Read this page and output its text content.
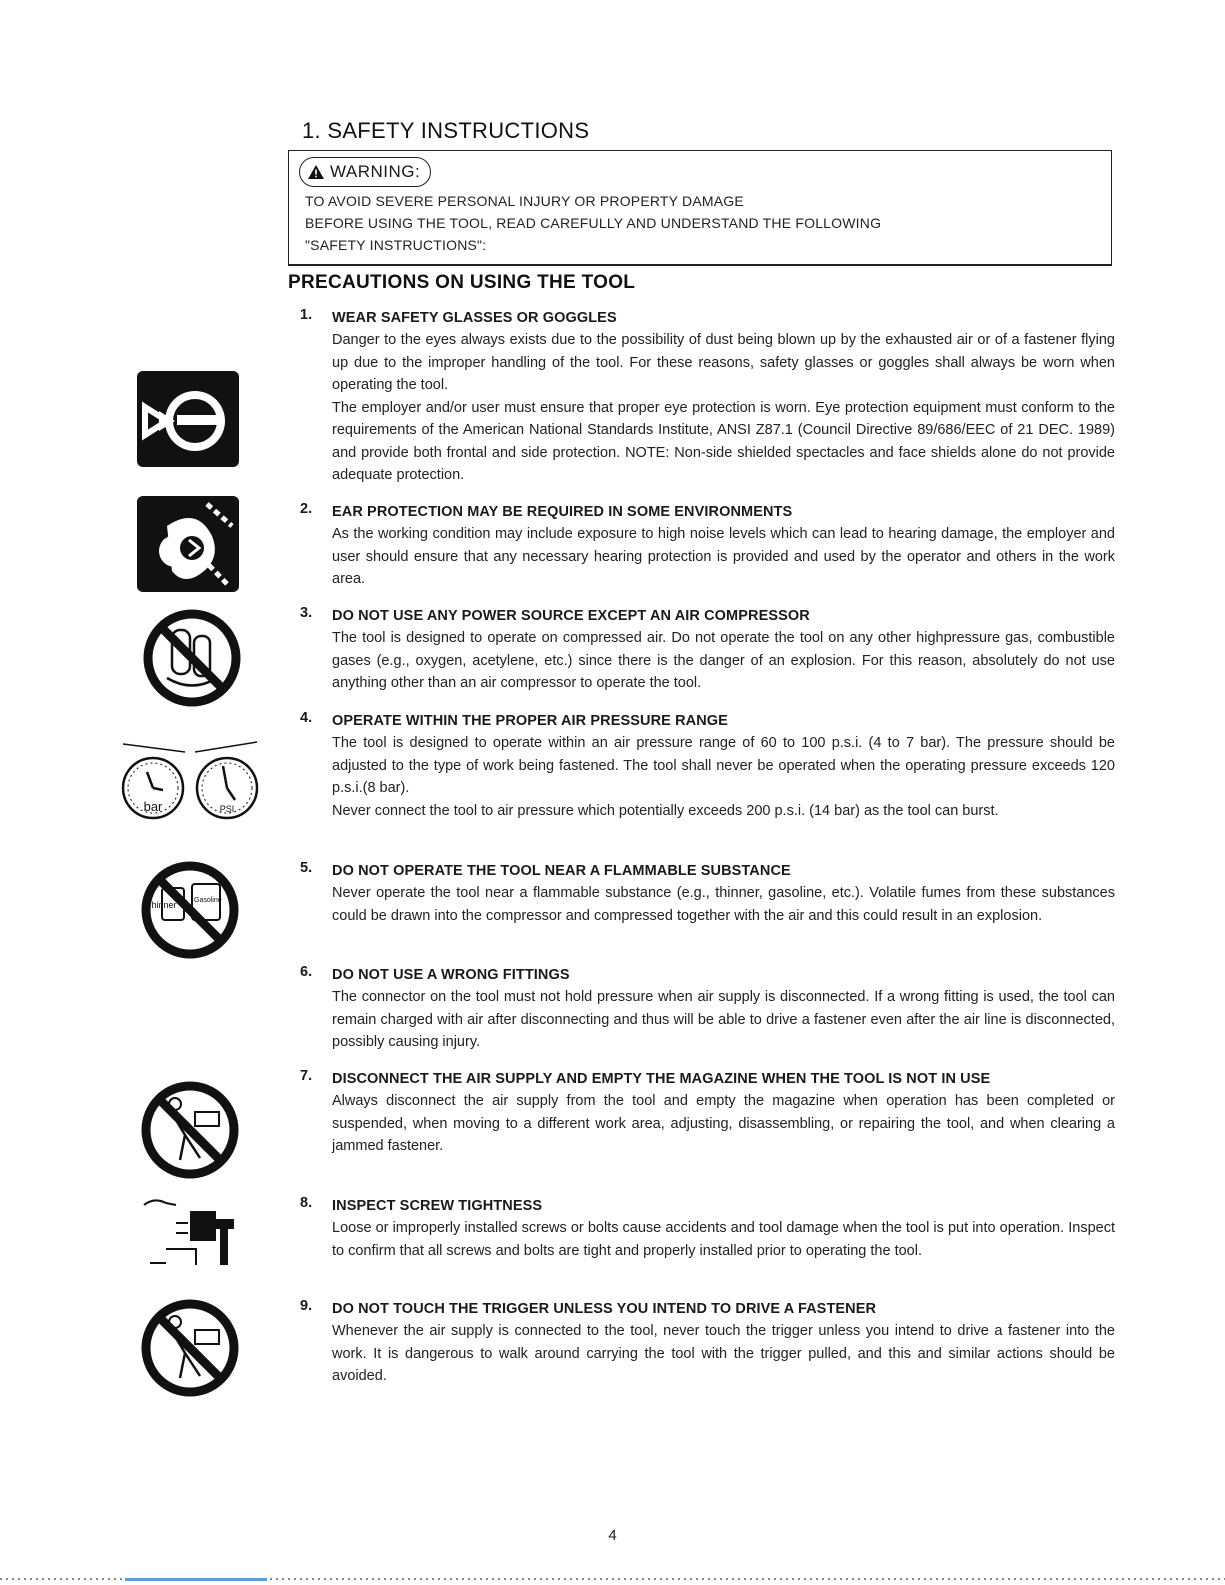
1. SAFETY INSTRUCTIONS
WARNING:
TO AVOID SEVERE PERSONAL INJURY OR PROPERTY DAMAGE
BEFORE USING THE TOOL, READ CAREFULLY AND UNDERSTAND THE FOLLOWING
"SAFETY INSTRUCTIONS":
PRECAUTIONS ON USING THE TOOL
1. WEAR SAFETY GLASSES OR GOGGLES
Danger to the eyes always exists due to the possibility of dust being blown up by the exhausted air or of a fastener flying up due to the improper handling of the tool. For these reasons, safety glasses or goggles shall always be worn when operating the tool.
The employer and/or user must ensure that proper eye protection is worn. Eye protection equipment must conform to the requirements of the American National Standards Institute, ANSI Z87.1 (Council Directive 89/686/EEC of 21 DEC. 1989) and provide both frontal and side protection. NOTE: Non-side shielded spectacles and face shields alone do not provide adequate protection.
2. EAR PROTECTION MAY BE REQUIRED IN SOME ENVIRONMENTS
As the working condition may include exposure to high noise levels which can lead to hearing damage, the employer and user should ensure that any necessary hearing protection is provided and used by the operator and others in the work area.
3. DO NOT USE ANY POWER SOURCE EXCEPT AN AIR COMPRESSOR
The tool is designed to operate on compressed air. Do not operate the tool on any other highpressure gas, combustible gases (e.g., oxygen, acetylene, etc.) since there is the danger of an explosion. For this reason, absolutely do not use anything other than an air compressor to operate the tool.
4. OPERATE WITHIN THE PROPER AIR PRESSURE RANGE
The tool is designed to operate within an air pressure range of 60 to 100 p.s.i. (4 to 7 bar). The pressure should be adjusted to the type of work being fastened. The tool shall never be operated when the operating pressure exceeds 120 p.s.i.(8 bar).
Never connect the tool to air pressure which potentially exceeds 200 p.s.i. (14 bar) as the tool can burst.
5. DO NOT OPERATE THE TOOL NEAR A FLAMMABLE SUBSTANCE
Never operate the tool near a flammable substance (e.g., thinner, gasoline, etc.). Volatile fumes from these substances could be drawn into the compressor and compressed together with the air and this could result in an explosion.
6. DO NOT USE A WRONG FITTINGS
The connector on the tool must not hold pressure when air supply is disconnected. If a wrong fitting is used, the tool can remain charged with air after disconnecting and thus will be able to drive a fastener even after the air line is disconnected, possibly causing injury.
7. DISCONNECT THE AIR SUPPLY AND EMPTY THE MAGAZINE WHEN THE TOOL IS NOT IN USE
Always disconnect the air supply from the tool and empty the magazine when operation has been completed or suspended, when moving to a different work area, adjusting, disassembling, or repairing the tool, and when clearing a jammed fastener.
8. INSPECT SCREW TIGHTNESS
Loose or improperly installed screws or bolts cause accidents and tool damage when the tool is put into operation. Inspect to confirm that all screws and bolts are tight and properly installed prior to operating the tool.
9. DO NOT TOUCH THE TRIGGER UNLESS YOU INTEND TO DRIVE A FASTENER
Whenever the air supply is connected to the tool, never touch the trigger unless you intend to drive a fastener into the work. It is dangerous to walk around carrying the tool with the trigger pulled, and this and similar actions should be avoided.
bar	PSI
Thinner Gasoline
4
